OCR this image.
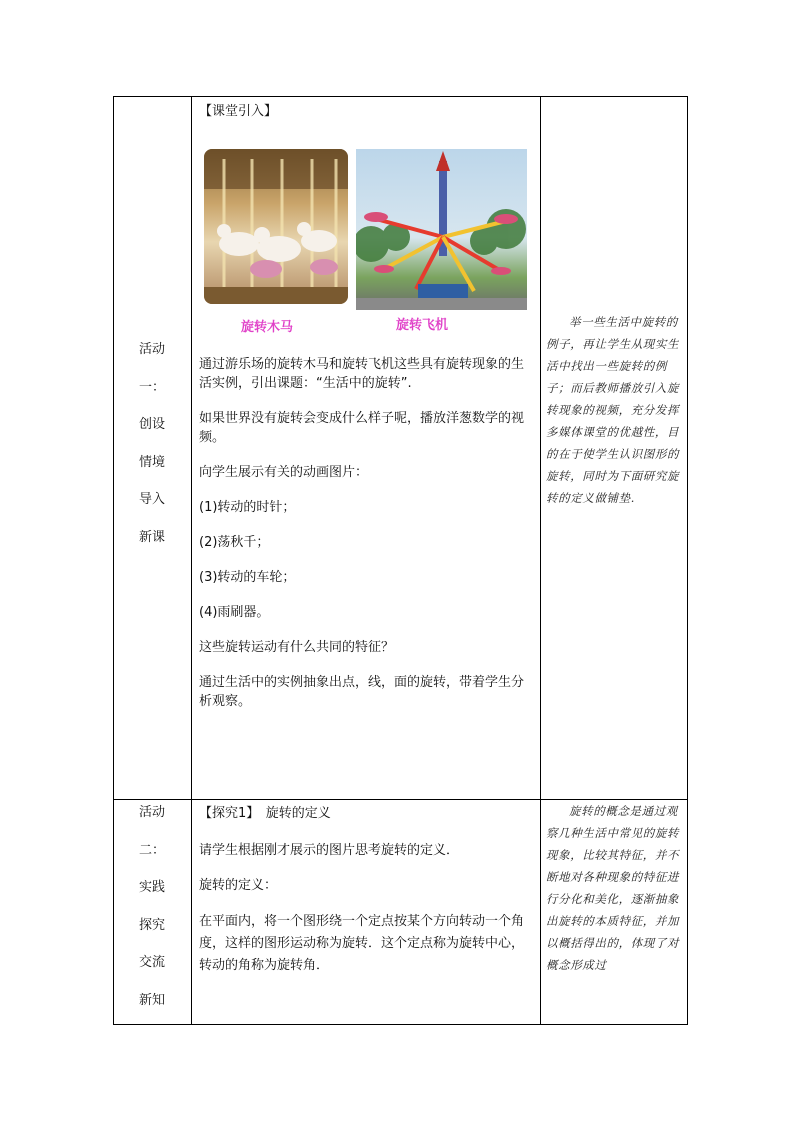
活动
一：
创设
情境
导入
新课

【课堂引入】

旋转木马	旋转飞机

通过游乐场的旋转木马和旋转飞机这些具有旋转现象的生活实例，引出课题：“生活中的旋转”.

如果世界没有旋转会变成什么样子呢，播放洋葱数学的视频。

向学生展示有关的动画图片：

(1)转动的时针；

(2)荡秋千；

(3)转动的车轮；

(4)雨刷器。

这些旋转运动有什么共同的特征？

通过生活中的实例抽象出点，线，面的旋转，带着学生分析观察。

举一些生活中旋转的例子，再让学生从现实生活中找出一些旋转的例子；而后教师播放引入旋转现象的视频，充分发挥多媒体课堂的优越性，目的在于使学生认识图形的旋转，同时为下面研究旋转的定义做铺垫.
活动
二：
实践
探究
交流
新知

【探究1】　旋转的定义

请学生根据刚才展示的图片思考旋转的定义．

旋转的定义：

在平面内，将一个图形绕一个定点按某个方向转动一个角度，这样的图形运动称为旋转．这个定点称为旋转中心，转动的角称为旋转角．

旋转的概念是通过观察几种生活中常见的旋转现象，比较其特征，并不断地对各种现象的特征进行分化和美化，逐渐抽象出旋转的本质特征，并加以概括得出的，体现了对概念形成过
